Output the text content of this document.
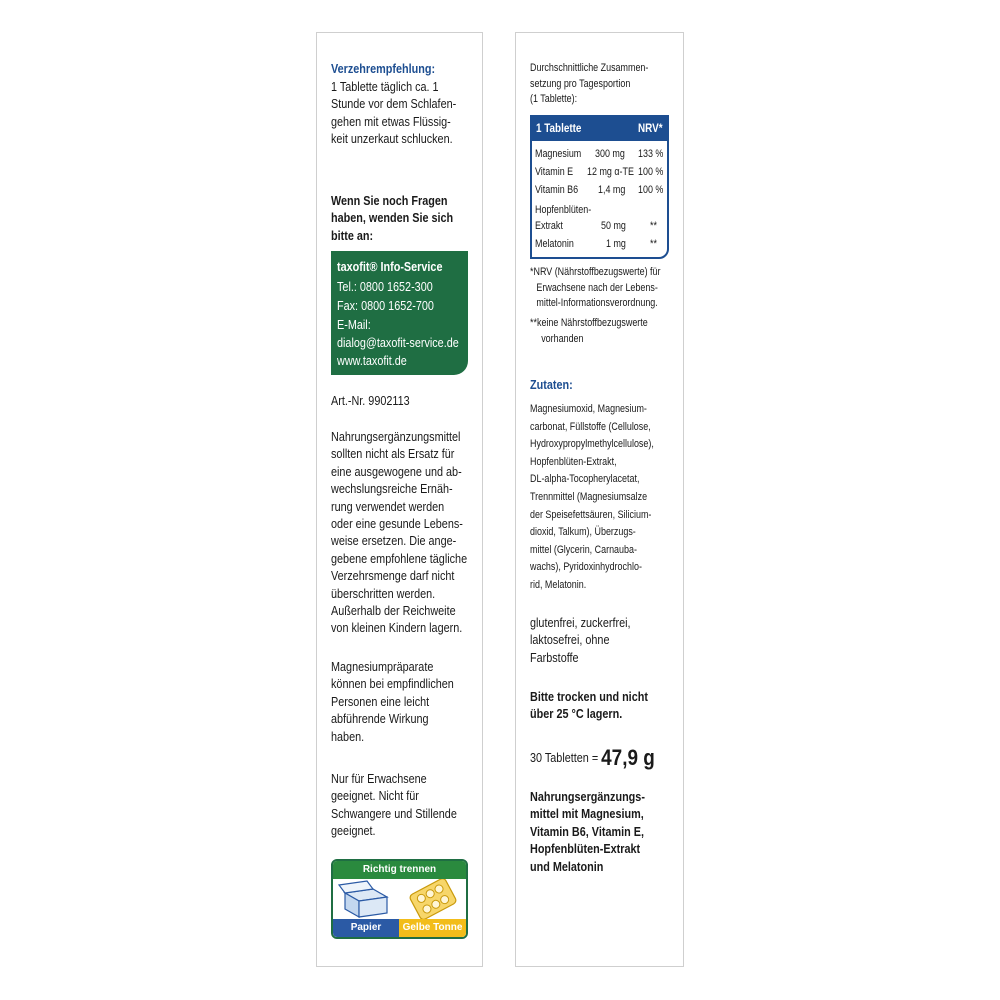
Verzehrempfehlung:
1 Tablette täglich ca. 1
Stunde vor dem Schlafen-
gehen mit etwas Flüssig-
keit unzerkaut schlucken.
Wenn Sie noch Fragen
haben, wenden Sie sich
bitte an:
taxofit® Info-Service
Tel.: 0800 1652-300
Fax: 0800 1652-700
E-Mail:
dialog@taxofit-service.de
www.taxofit.de
Art.-Nr. 9902113
Nahrungsergänzungsmittel
sollten nicht als Ersatz für
eine ausgewogene und ab-
wechslungsreiche Ernäh-
rung verwendet werden
oder eine gesunde Lebens-
weise ersetzen. Die ange-
gebene empfohlene tägliche
Verzehrsmenge darf nicht
überschritten werden.
Außerhalb der Reichweite
von kleinen Kindern lagern.
Magnesiumpräparate
können bei empfindlichen
Personen eine leicht
abführende Wirkung
haben.
Nur für Erwachsene
geeignet. Nicht für
Schwangere und Stillende
geeignet.
Richtig trennen
Papier	Gelbe Tonne
Durchschnittliche Zusammen-
setzung pro Tagesportion
(1 Tablette):
1 Tablette	NRV*
Magnesium 300 mg 133 %
Vitamin E 12 mg α-TE 100 %
Vitamin B6 1,4 mg 100 %
Hopfenblüten-
Extrakt	50 mg **
Melatonin	1 mg **
*NRV (Nährstoffbezugswerte) für
Erwachsene nach der Lebens-
mittel-Informationsverordnung.
**keine Nährstoffbezugswerte
vorhanden
Zutaten:
Magnesiumoxid, Magnesium-
carbonat, Füllstoffe (Cellulose,
Hydroxypropylmethylcellulose),
Hopfenblüten-Extrakt,
DL-alpha-Tocopherylacetat,
Trennmittel (Magnesiumsalze
der Speisefettsäuren, Silicium-
dioxid, Talkum), Überzugs-
mittel (Glycerin, Carnauba-
wachs), Pyridoxinhydrochlo-
rid, Melatonin.
glutenfrei, zuckerfrei,
laktosefrei, ohne
Farbstoffe
Bitte trocken und nicht
über 25 °C lagern.
30 Tabletten = 47,9 g
Nahrungsergänzungs-
mittel mit Magnesium,
Vitamin B6, Vitamin E,
Hopfenblüten-Extrakt
und Melatonin
